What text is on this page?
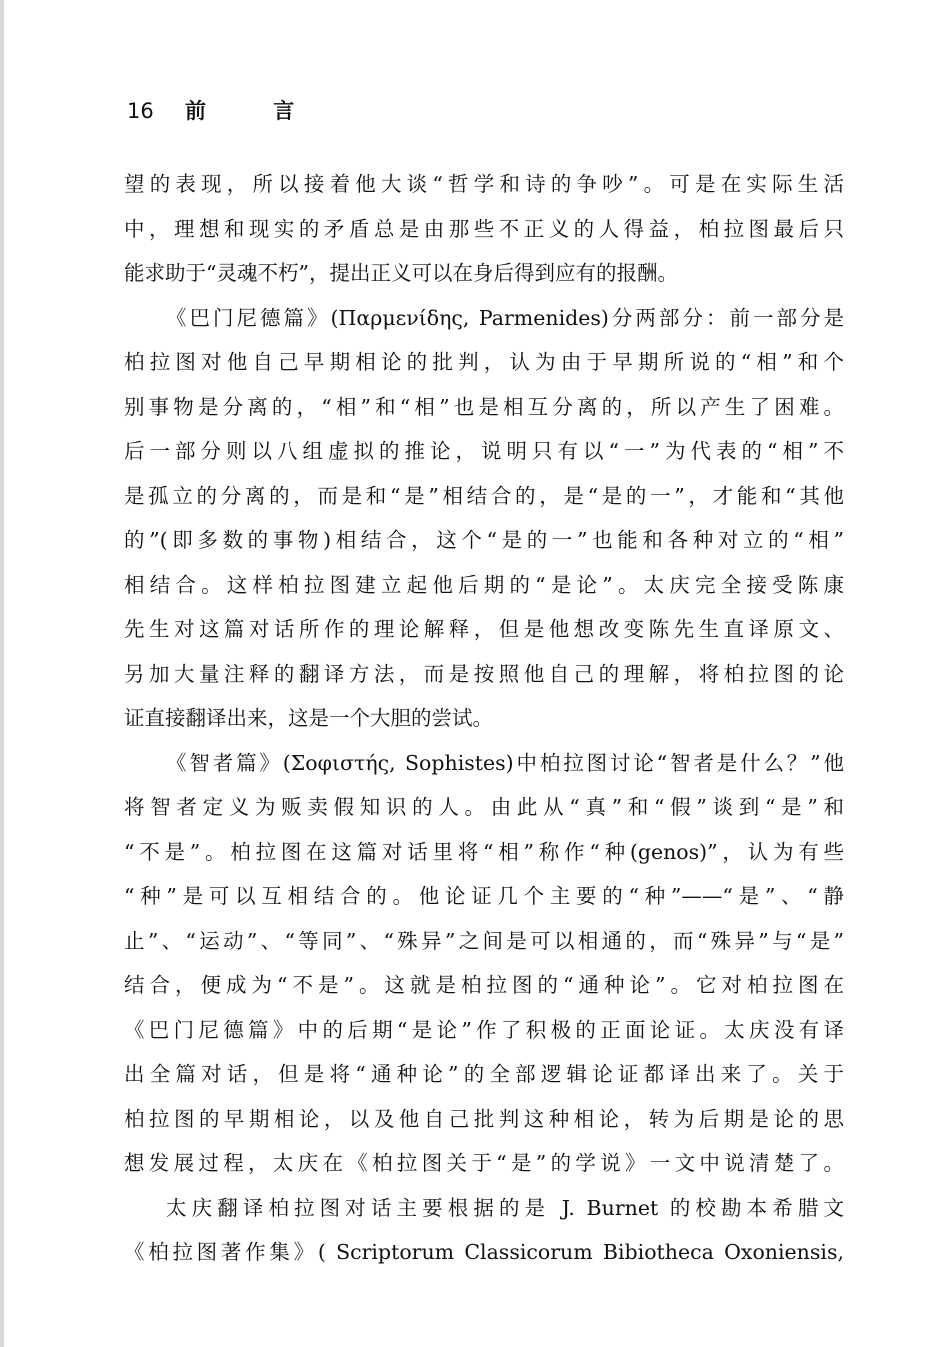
16 前 言
望的表现，所以接着他大谈“哲学和诗的争吵”。可是在实际生活
中，理想和现实的矛盾总是由那些不正义的人得益，柏拉图最后只
能求助于“灵魂不朽”，提出正义可以在身后得到应有的报酬。
《巴门尼德篇》(Παρμενίδης, Parmenides)分两部分：前一部分是
柏拉图对他自己早期相论的批判，认为由于早期所说的“相”和个
别事物是分离的，“相”和“相”也是相互分离的，所以产生了困难。
后一部分则以八组虚拟的推论，说明只有以“一”为代表的“相”不
是孤立的分离的，而是和“是”相结合的，是“是的一”，才能和“其他
的”(即多数的事物)相结合，这个“是的一”也能和各种对立的“相”
相结合。这样柏拉图建立起他后期的“是论”。太庆完全接受陈康
先生对这篇对话所作的理论解释，但是他想改变陈先生直译原文、
另加大量注释的翻译方法，而是按照他自己的理解，将柏拉图的论
证直接翻译出来，这是一个大胆的尝试。
《智者篇》(Σοφιστής, Sophistes)中柏拉图讨论“智者是什么？”他
将智者定义为贩卖假知识的人。由此从“真”和“假”谈到“是”和
“不是”。柏拉图在这篇对话里将“相”称作“种(genos)”，认为有些
“种”是可以互相结合的。他论证几个主要的“种”——“是”、“静
止”、“运动”、“等同”、“殊异”之间是可以相通的，而“殊异”与“是”
结合，便成为“不是”。这就是柏拉图的“通种论”。它对柏拉图在
《巴门尼德篇》中的后期“是论”作了积极的正面论证。太庆没有译
出全篇对话，但是将“通种论”的全部逻辑论证都译出来了。关于
柏拉图的早期相论，以及他自己批判这种相论，转为后期是论的思
想发展过程，太庆在《柏拉图关于“是”的学说》一文中说清楚了。
太庆翻译柏拉图对话主要根据的是 J. Burnet 的校勘本希腊文
《柏拉图著作集》( Scriptorum Classicorum Bibiotheca Oxoniensis,
